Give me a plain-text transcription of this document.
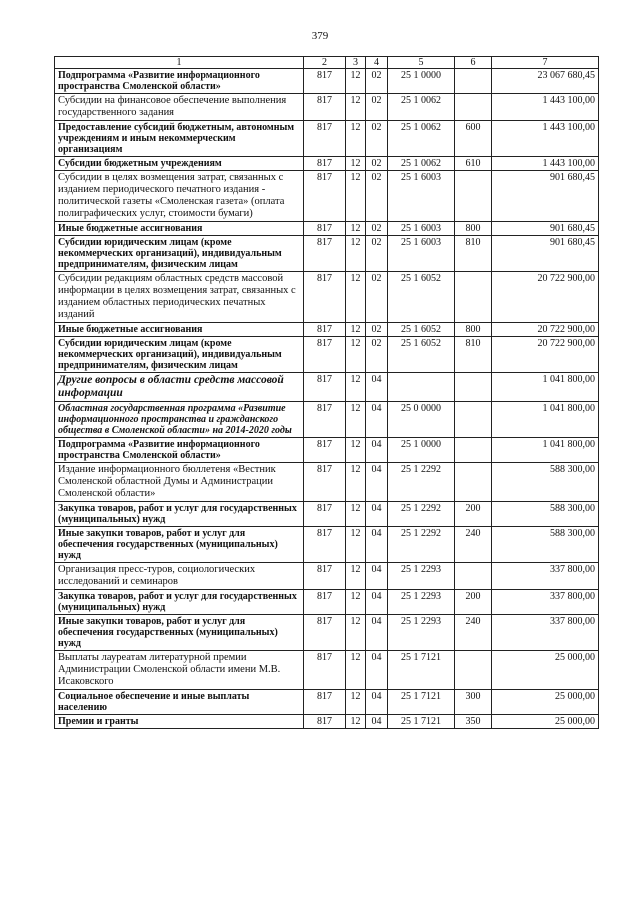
379
1	2	3	4	5	6	7
Подпрограмма «Развитие информационного пространства Смоленской области»	817	12	02	25 1 0000		23 067 680,45
Субсидии на финансовое обеспечение выполнения государственного задания	817	12	02	25 1 0062		1 443 100,00
Предоставление субсидий бюджетным, автономным учреждениям и иным некоммерческим организациям	817	12	02	25 1 0062	600	1 443 100,00
Субсидии бюджетным учреждениям	817	12	02	25 1 0062	610	1 443 100,00
Субсидии в целях возмещения затрат, связанных с изданием периодического печатного издания - политической газеты «Смоленская газета» (оплата полиграфических услуг, стоимости бумаги)	817	12	02	25 1 6003		901 680,45
Иные бюджетные ассигнования	817	12	02	25 1 6003	800	901 680,45
Субсидии юридическим лицам (кроме некоммерческих организаций), индивидуальным предпринимателям, физическим лицам	817	12	02	25 1 6003	810	901 680,45
Субсидии редакциям областных средств массовой информации в целях возмещения затрат, связанных с изданием областных периодических печатных изданий	817	12	02	25 1 6052		20 722 900,00
Иные бюджетные ассигнования	817	12	02	25 1 6052	800	20 722 900,00
Субсидии юридическим лицам (кроме некоммерческих организаций), индивидуальным предпринимателям, физическим лицам	817	12	02	25 1 6052	810	20 722 900,00
Другие вопросы в области средств массовой информации	817	12	04			1 041 800,00
Областная государственная программа «Развитие информационного пространства и гражданского общества в Смоленской области» на 2014-2020 годы	817	12	04	25 0 0000		1 041 800,00
Подпрограмма «Развитие информационного пространства Смоленской области»	817	12	04	25 1 0000		1 041 800,00
Издание информационного бюллетеня «Вестник Смоленской областной Думы и Администрации Смоленской области»	817	12	04	25 1 2292		588 300,00
Закупка товаров, работ и услуг для государственных (муниципальных) нужд	817	12	04	25 1 2292	200	588 300,00
Иные закупки товаров, работ и услуг для обеспечения государственных (муниципальных) нужд	817	12	04	25 1 2292	240	588 300,00
Организация пресс-туров, социологических исследований и семинаров	817	12	04	25 1 2293		337 800,00
Закупка товаров, работ и услуг для государственных (муниципальных) нужд	817	12	04	25 1 2293	200	337 800,00
Иные закупки товаров, работ и услуг для обеспечения государственных (муниципальных) нужд	817	12	04	25 1 2293	240	337 800,00
Выплаты лауреатам литературной премии Администрации Смоленской области имени М.В. Исаковского	817	12	04	25 1 7121		25 000,00
Социальное обеспечение и иные выплаты населению	817	12	04	25 1 7121	300	25 000,00
Премии и гранты	817	12	04	25 1 7121	350	25 000,00
